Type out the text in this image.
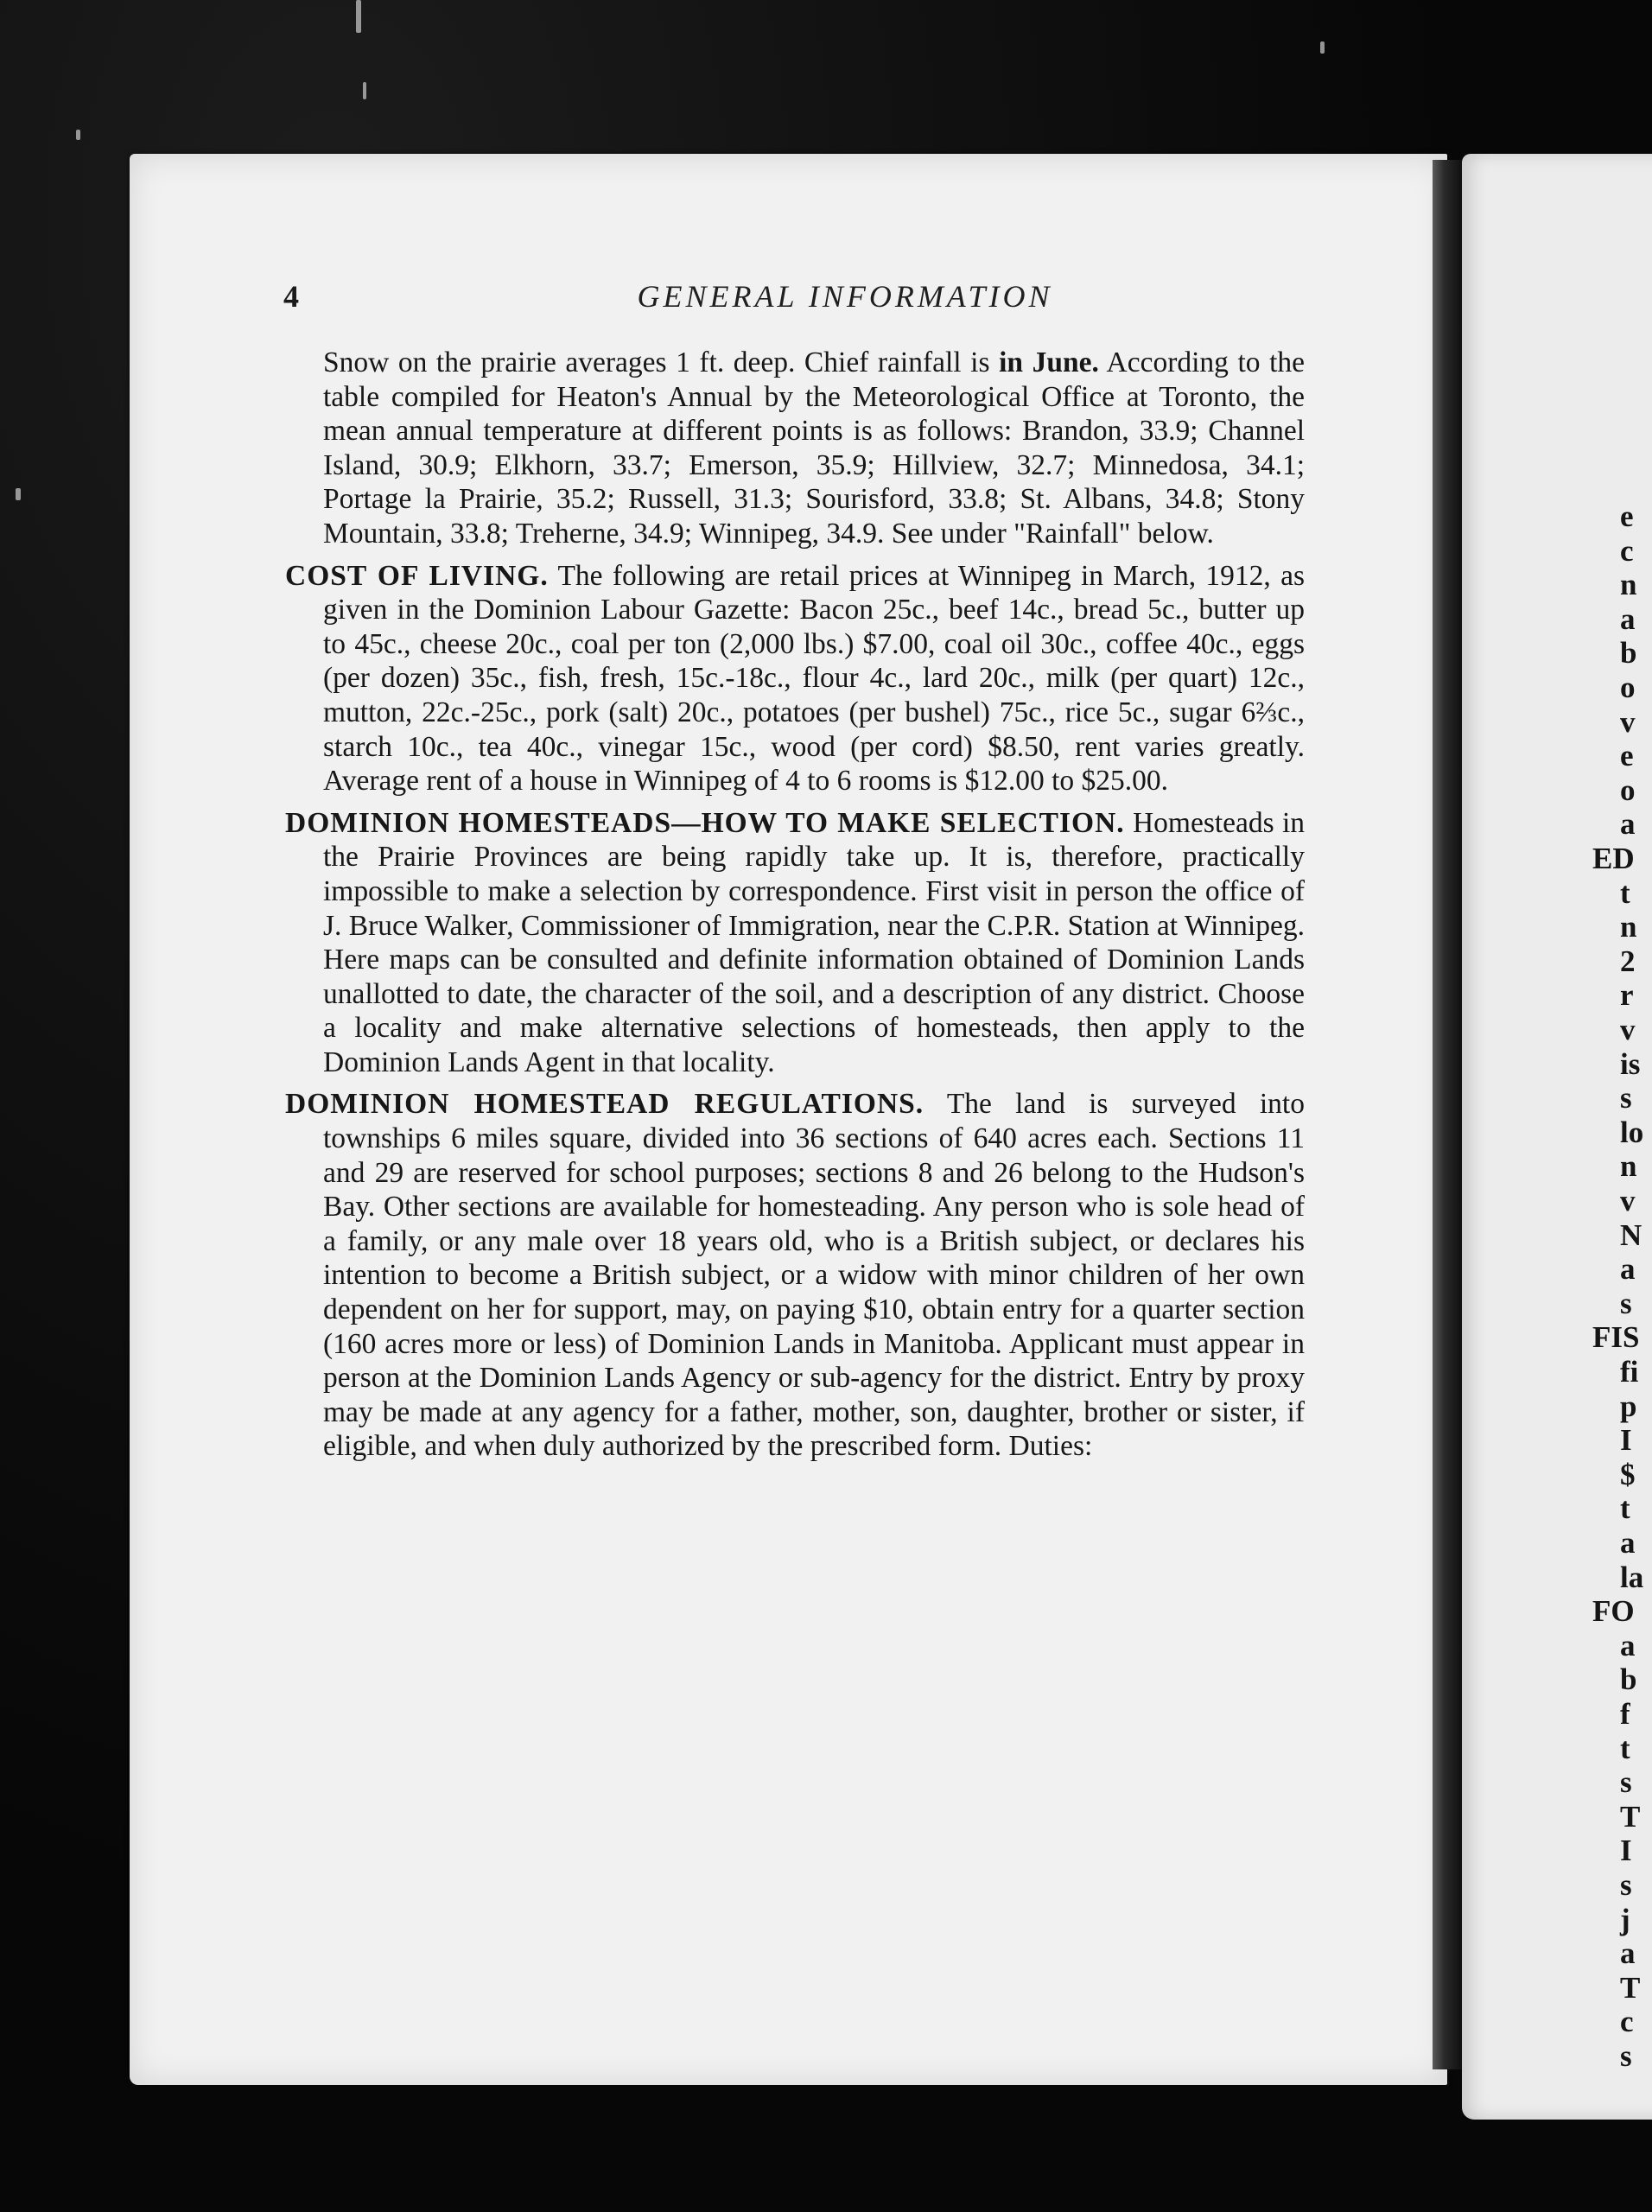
e
c
n
a
b
o
v
e
o
a
ED
t
n
2
r
v
is
s
lo
n
v
N
a
s
FIS
fi
p
I
$
t
a
la
FO
a
b
f
t
s
T
I
s
j
a
T
c
s
4	GENERAL INFORMATION

Snow on the prairie averages 1 ft. deep. Chief rainfall is in June. According to the table compiled for Heaton's Annual by the Meteorological Office at Toronto, the mean annual temperature at different points is as follows: Brandon, 33.9; Channel Island, 30.9; Elkhorn, 33.7; Emerson, 35.9; Hillview, 32.7; Minnedosa, 34.1; Portage la Prairie, 35.2; Russell, 31.3; Sourisford, 33.8; St. Albans, 34.8; Stony Mountain, 33.8; Treherne, 34.9; Winnipeg, 34.9. See under "Rainfall" below.

COST OF LIVING. The following are retail prices at Winnipeg in March, 1912, as given in the Dominion Labour Gazette: Bacon 25c., beef 14c., bread 5c., butter up to 45c., cheese 20c., coal per ton (2,000 lbs.) $7.00, coal oil 30c., coffee 40c., eggs (per dozen) 35c., fish, fresh, 15c.-18c., flour 4c., lard 20c., milk (per quart) 12c., mutton, 22c.-25c., pork (salt) 20c., potatoes (per bushel) 75c., rice 5c., sugar 6⅔c., starch 10c., tea 40c., vinegar 15c., wood (per cord) $8.50, rent varies greatly. Average rent of a house in Winnipeg of 4 to 6 rooms is $12.00 to $25.00.

DOMINION HOMESTEADS—HOW TO MAKE SELECTION. Homesteads in the Prairie Provinces are being rapidly take up. It is, therefore, practically impossible to make a selection by correspondence. First visit in person the office of J. Bruce Walker, Commissioner of Immigration, near the C.P.R. Station at Winnipeg. Here maps can be consulted and definite information obtained of Dominion Lands unallotted to date, the character of the soil, and a description of any district. Choose a locality and make alternative selections of homesteads, then apply to the Dominion Lands Agent in that locality.

DOMINION HOMESTEAD REGULATIONS. The land is surveyed into townships 6 miles square, divided into 36 sections of 640 acres each. Sections 11 and 29 are reserved for school purposes; sections 8 and 26 belong to the Hudson's Bay. Other sections are available for homesteading. Any person who is sole head of a family, or any male over 18 years old, who is a British subject, or declares his intention to become a British subject, or a widow with minor children of her own dependent on her for support, may, on paying $10, obtain entry for a quarter section (160 acres more or less) of Dominion Lands in Manitoba. Applicant must appear in person at the Dominion Lands Agency or sub-agency for the district. Entry by proxy may be made at any agency for a father, mother, son, daughter, brother or sister, if eligible, and when duly authorized by the prescribed form. Duties:
